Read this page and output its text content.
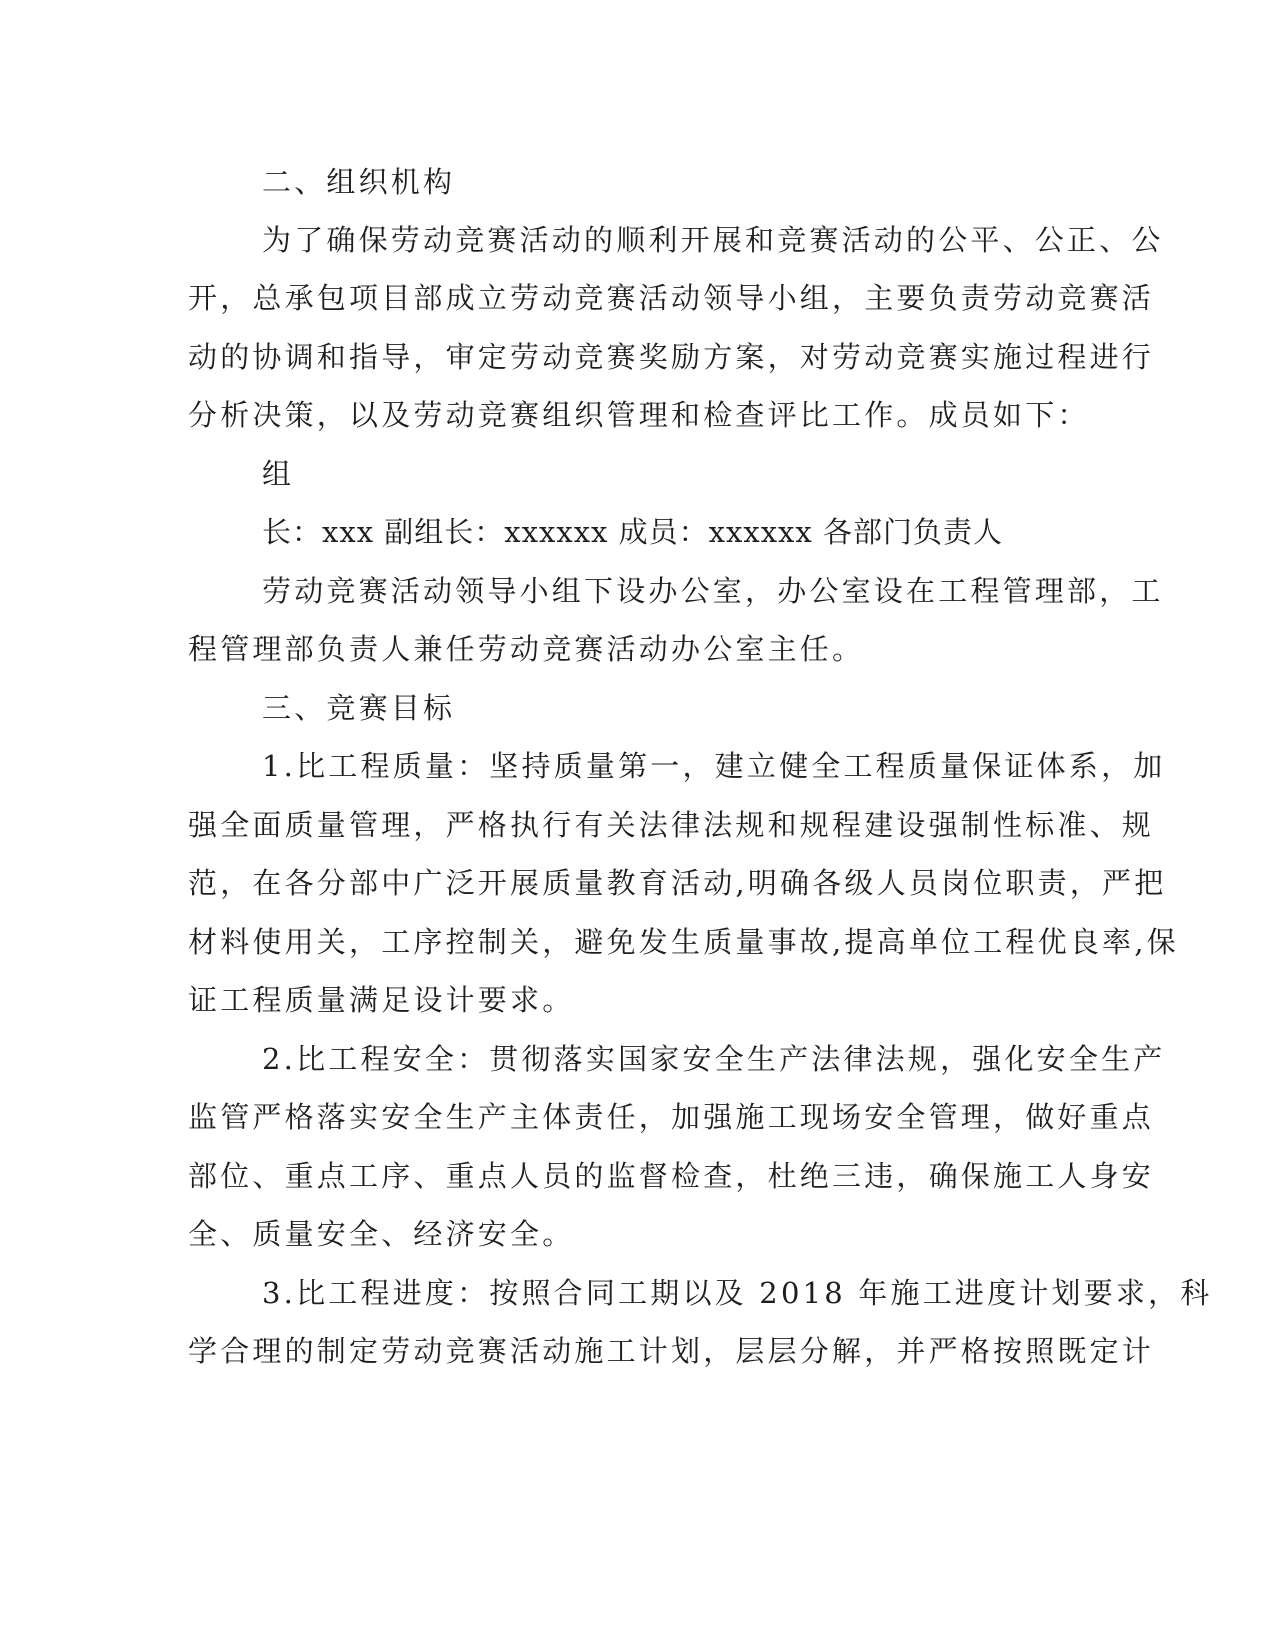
二、组织机构
为了确保劳动竞赛活动的顺利开展和竞赛活动的公平、公正、公
开，总承包项目部成立劳动竞赛活动领导小组，主要负责劳动竞赛活
动的协调和指导，审定劳动竞赛奖励方案，对劳动竞赛实施过程进行
分析决策，以及劳动竞赛组织管理和检查评比工作。成员如下：
组
长：xxx 副组长：xxxxxx 成员：xxxxxx 各部门负责人
劳动竞赛活动领导小组下设办公室，办公室设在工程管理部，工
程管理部负责人兼任劳动竞赛活动办公室主任。
三、竞赛目标
1.比工程质量：坚持质量第一，建立健全工程质量保证体系，加
强全面质量管理，严格执行有关法律法规和规程建设强制性标准、规
范，在各分部中广泛开展质量教育活动,明确各级人员岗位职责，严把
材料使用关，工序控制关，避免发生质量事故,提高单位工程优良率,保
证工程质量满足设计要求。
2.比工程安全：贯彻落实国家安全生产法律法规，强化安全生产
监管严格落实安全生产主体责任，加强施工现场安全管理，做好重点
部位、重点工序、重点人员的监督检查，杜绝三违，确保施工人身安
全、质量安全、经济安全。
3.比工程进度：按照合同工期以及 2018 年施工进度计划要求，科
学合理的制定劳动竞赛活动施工计划，层层分解，并严格按照既定计
